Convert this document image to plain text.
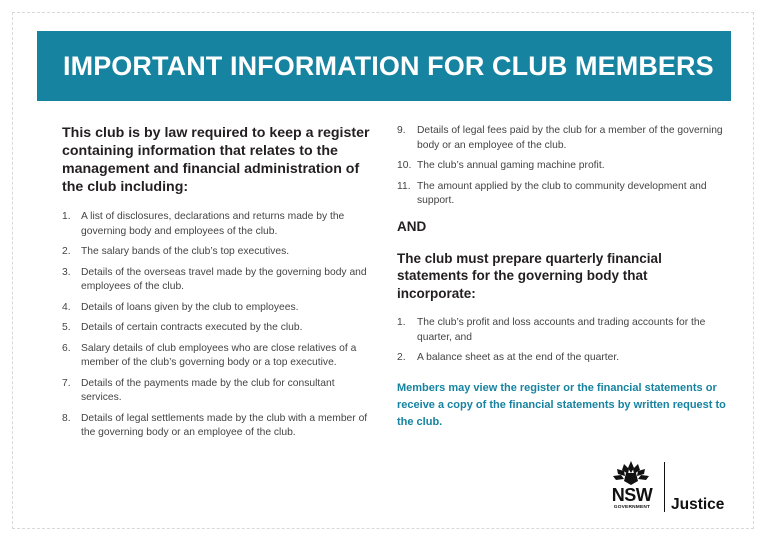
IMPORTANT INFORMATION FOR CLUB MEMBERS

This club is by law required to keep a register containing information that relates to the management and financial administration of the club including:

1. A list of disclosures, declarations and returns made by the governing body and employees of the club.
2. The salary bands of the club’s top executives.
3. Details of the overseas travel made by the governing body and employees of the club.
4. Details of loans given by the club to employees.
5. Details of certain contracts executed by the club.
6. Salary details of club employees who are close relatives of a member of the club’s governing body or a top executive.
7. Details of the payments made by the club for consultant services.
8. Details of legal settlements made by the club with a member of the governing body or an employee of the club.
9. Details of legal fees paid by the club for a member of the governing body or an employee of the club.
10. The club’s annual gaming machine profit.
11. The amount applied by the club to community development and support.

AND

The club must prepare quarterly financial statements for the governing body that incorporate:

1. The club’s profit and loss accounts and trading accounts for the quarter, and
2. A balance sheet as at the end of the quarter.

Members may view the register or the financial statements or receive a copy of the financial statements by written request to the club.

NSW
GOVERNMENT	Justice
